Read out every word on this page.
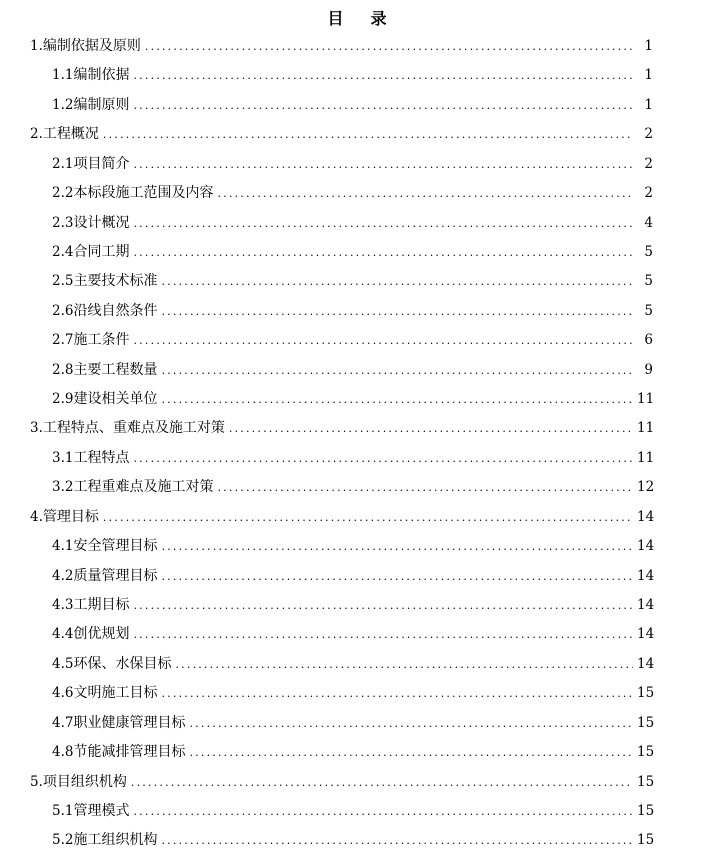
目 录
1. 编制依据及原则 .....	1
1.1 编制依据 .....	1
1.2 编制原则 .....	1
2. 工程概况 .....	2
2.1 项目简介 .....	2
2.2 本标段施工范围及内容 .....	2
2.3 设计概况 .....	4
2.4 合同工期 .....	5
2.5 主要技术标准 .....	5
2.6 沿线自然条件 .....	5
2.7 施工条件 .....	6
2.8 主要工程数量 .....	9
2.9 建设相关单位 .....	11
3. 工程特点、重难点及施工对策 .....	11
3.1 工程特点 .....	11
3.2 工程重难点及施工对策 .....	12
4. 管理目标 .....	14
4.1 安全管理目标 .....	14
4.2 质量管理目标 .....	14
4.3 工期目标 .....	14
4.4 创优规划 .....	14
4.5 环保、水保目标 .....	14
4.6 文明施工目标 .....	15
4.7 职业健康管理目标 .....	15
4.8 节能减排管理目标 .....	15
5. 项目组织机构 .....	15
5.1 管理模式 .....	15
5.2 施工组织机构 .....	15
